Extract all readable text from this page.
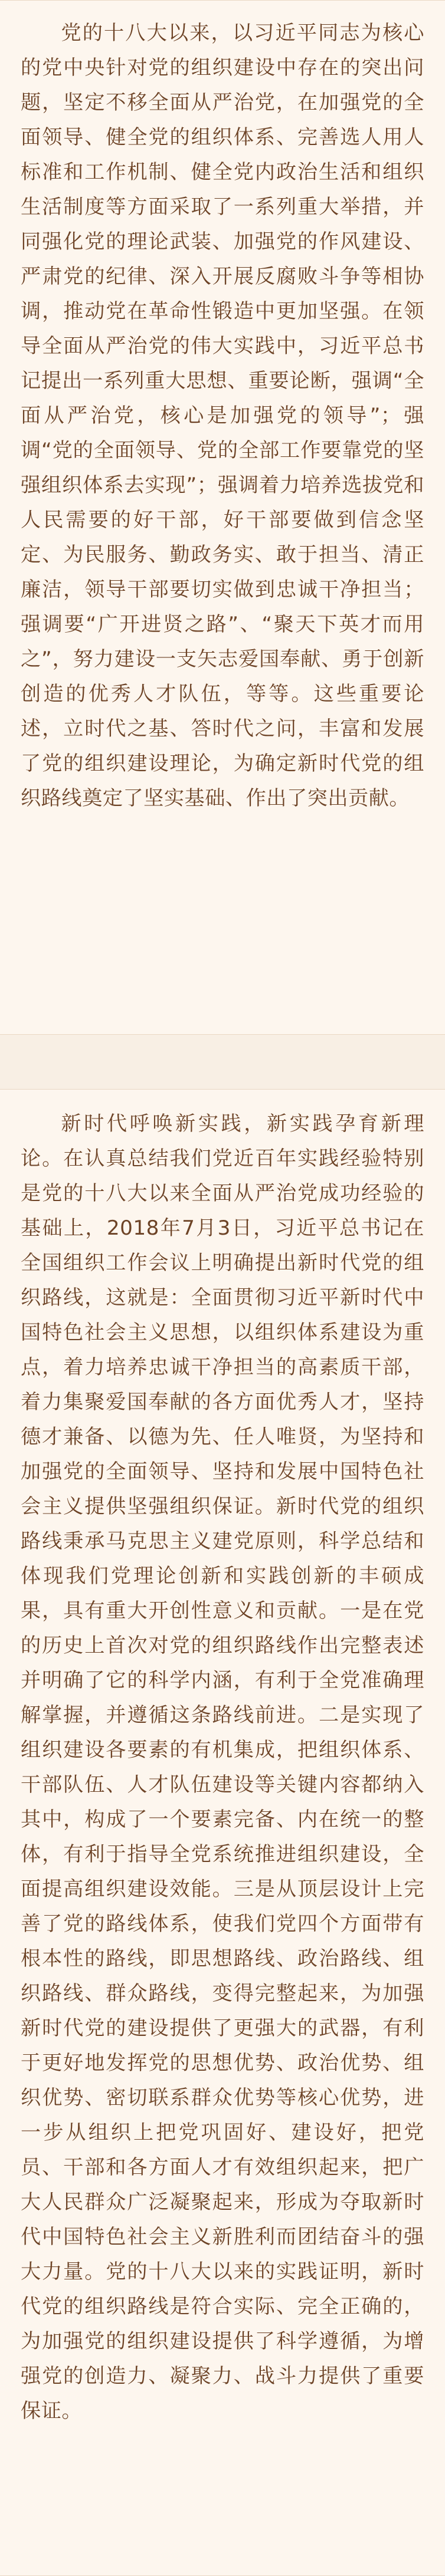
党的十八大以来，以习近平同志为核心的党中央针对党的组织建设中存在的突出问题，坚定不移全面从严治党，在加强党的全面领导、健全党的组织体系、完善选人用人标准和工作机制、健全党内政治生活和组织生活制度等方面采取了一系列重大举措，并同强化党的理论武装、加强党的作风建设、严肃党的纪律、深入开展反腐败斗争等相协调，推动党在革命性锻造中更加坚强。在领导全面从严治党的伟大实践中，习近平总书记提出一系列重大思想、重要论断，强调“全面从严治党，核心是加强党的领导”；强调“党的全面领导、党的全部工作要靠党的坚强组织体系去实现”；强调着力培养选拔党和人民需要的好干部，好干部要做到信念坚定、为民服务、勤政务实、敢于担当、清正廉洁，领导干部要切实做到忠诚干净担当；强调要“广开进贤之路”、“聚天下英才而用之”，努力建设一支矢志爱国奉献、勇于创新创造的优秀人才队伍，等等。这些重要论述，立时代之基、答时代之问，丰富和发展了党的组织建设理论，为确定新时代党的组织路线奠定了坚实基础、作出了突出贡献。

新时代呼唤新实践，新实践孕育新理论。在认真总结我们党近百年实践经验特别是党的十八大以来全面从严治党成功经验的基础上，2018年7月3日，习近平总书记在全国组织工作会议上明确提出新时代党的组织路线，这就是：全面贯彻习近平新时代中国特色社会主义思想，以组织体系建设为重点，着力培养忠诚干净担当的高素质干部，着力集聚爱国奉献的各方面优秀人才，坚持德才兼备、以德为先、任人唯贤，为坚持和加强党的全面领导、坚持和发展中国特色社会主义提供坚强组织保证。新时代党的组织路线秉承马克思主义建党原则，科学总结和体现我们党理论创新和实践创新的丰硕成果，具有重大开创性意义和贡献。一是在党的历史上首次对党的组织路线作出完整表述并明确了它的科学内涵，有利于全党准确理解掌握，并遵循这条路线前进。二是实现了组织建设各要素的有机集成，把组织体系、干部队伍、人才队伍建设等关键内容都纳入其中，构成了一个要素完备、内在统一的整体，有利于指导全党系统推进组织建设，全面提高组织建设效能。三是从顶层设计上完善了党的路线体系，使我们党四个方面带有根本性的路线，即思想路线、政治路线、组织路线、群众路线，变得完整起来，为加强新时代党的建设提供了更强大的武器，有利于更好地发挥党的思想优势、政治优势、组织优势、密切联系群众优势等核心优势，进一步从组织上把党巩固好、建设好，把党员、干部和各方面人才有效组织起来，把广大人民群众广泛凝聚起来，形成为夺取新时代中国特色社会主义新胜利而团结奋斗的强大力量。党的十八大以来的实践证明，新时代党的组织路线是符合实际、完全正确的，为加强党的组织建设提供了科学遵循，为增强党的创造力、凝聚力、战斗力提供了重要保证。
